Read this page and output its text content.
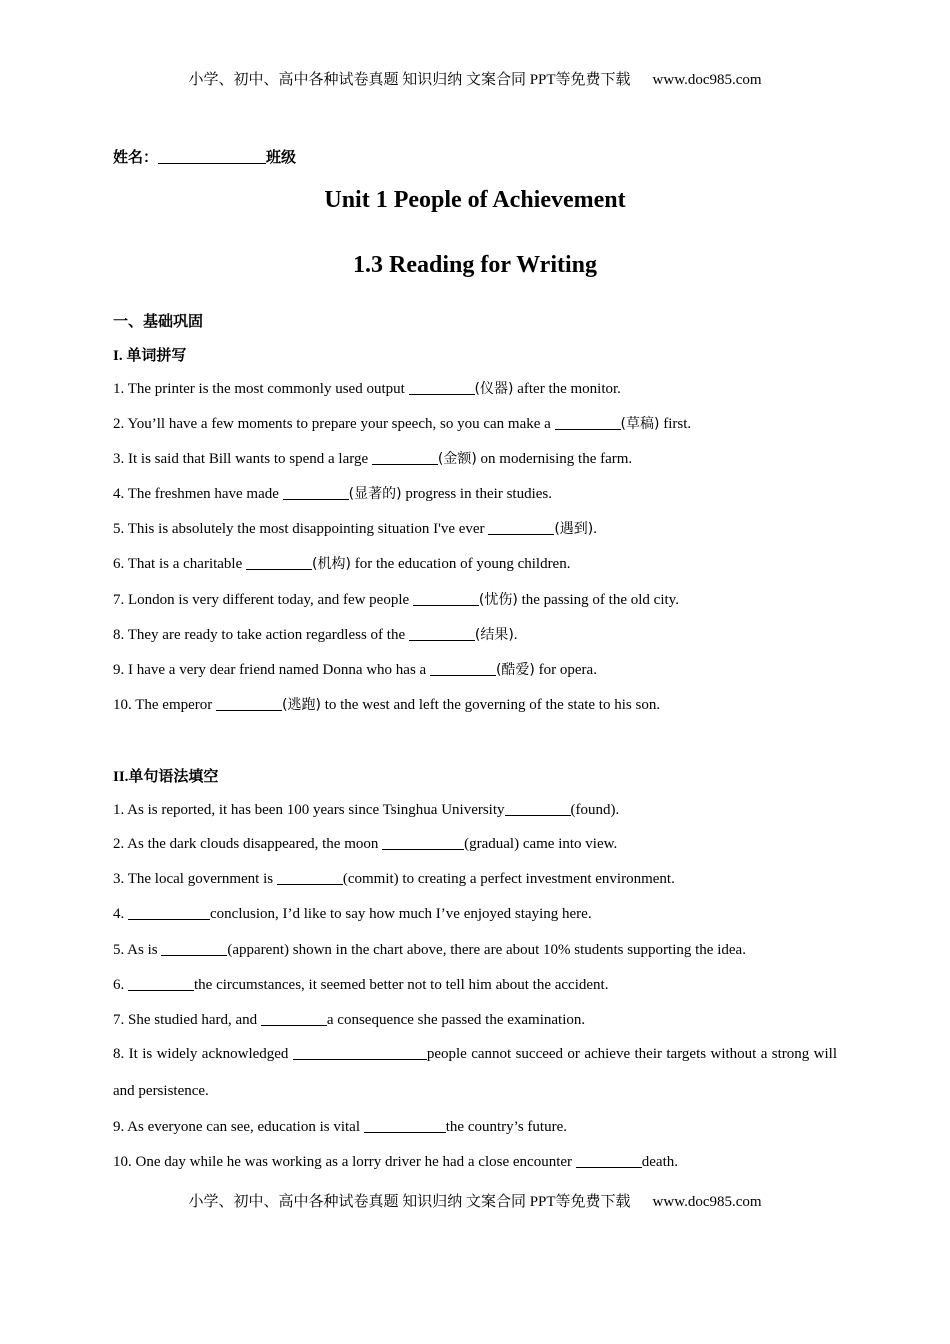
小学、初中、高中各种试卷真题 知识归纳 文案合同 PPT等免费下载 www.doc985.com
姓名：	班级
Unit 1 People of Achievement
1.3 Reading for Writing
一、基础巩固
I. 单词拼写
1. The printer is the most commonly used output	(仪器) after the monitor.
2. You’ll have a few moments to prepare your speech, so you can make a	(草稿) first.
3. It is said that Bill wants to spend a large	(金额) on modernising the farm.
4. The freshmen have made	(显著的) progress in their studies.
5. This is absolutely the most disappointing situation I've ever	(遇到).
6. That is a charitable	(机构) for the education of young children.
7. London is very different today, and few people	(忧伤) the passing of the old city.
8. They are ready to take action regardless of the	(结果).
9. I have a very dear friend named Donna who has a	(酷爱) for opera.
10. The emperor	(逃跑) to the west and left the governing of the state to his son.
II.单句语法填空
1. As is reported, it has been 100 years since Tsinghua University	(found).
2. As the dark clouds disappeared, the moon	(gradual) came into view.
3. The local government is	(commit) to creating a perfect investment environment.
4.	conclusion, I’d like to say how much I’ve enjoyed staying here.
5. As is	(apparent) shown in the chart above, there are about 10% students supporting the idea.
6.	the circumstances, it seemed better not to tell him about the accident.
7. She studied hard, and	a consequence she passed the examination.
8. It is widely acknowledged	people cannot succeed or achieve their targets without a strong will and persistence.
9. As everyone can see, education is vital	the country’s future.
10. One day while he was working as a lorry driver he had a close encounter	death.
小学、初中、高中各种试卷真题 知识归纳 文案合同 PPT等免费下载 www.doc985.com
